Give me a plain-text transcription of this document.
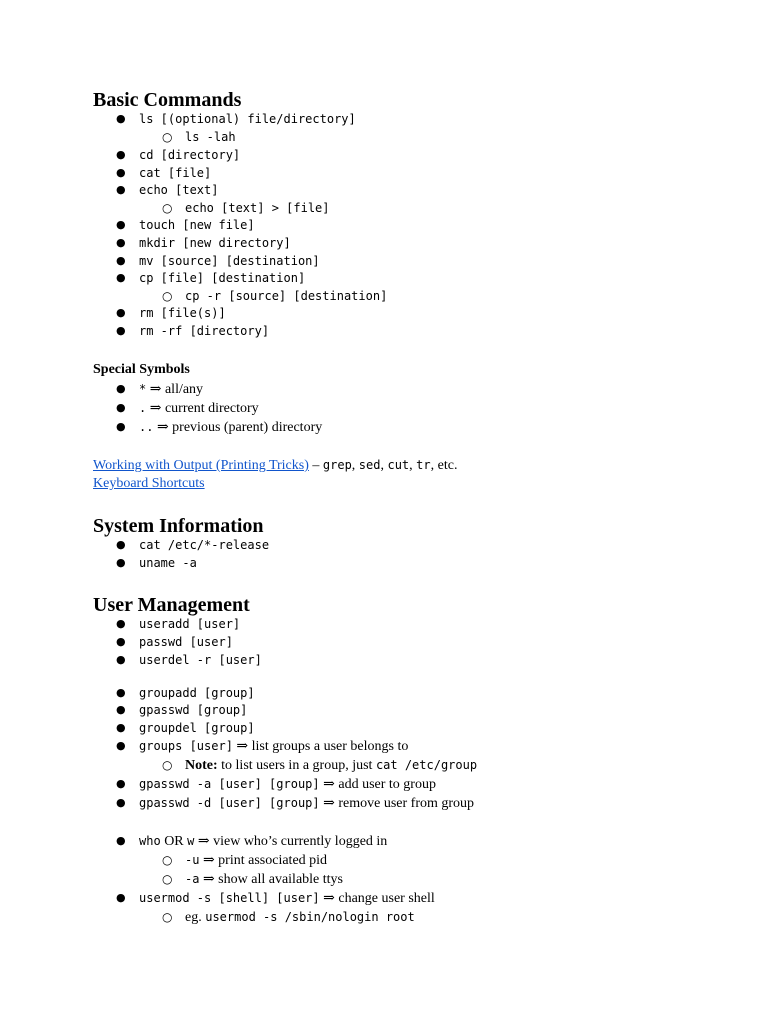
Basic Commands
● ls [(optional) file/directory]
○ ls -lah
● cd [directory]
● cat [file]
● echo [text]
○ echo [text] > [file]
● touch [new file]
● mkdir [new directory]
● mv [source] [destination]
● cp [file] [destination]
○ cp -r [source] [destination]
● rm [file(s)]
● rm -rf [directory]
Special Symbols
● * ⇒ all/any
● . ⇒ current directory
● .. ⇒ previous (parent) directory
Working with Output (Printing Tricks) – grep, sed, cut, tr, etc.
Keyboard Shortcuts
System Information
● cat /etc/*-release
● uname -a
User Management
● useradd [user]
● passwd [user]
● userdel -r [user]
● groupadd [group]
● gpasswd [group]
● groupdel [group]
● groups [user] ⇒ list groups a user belongs to
○ Note: to list users in a group, just cat /etc/group
● gpasswd -a [user] [group] ⇒ add user to group
● gpasswd -d [user] [group] ⇒ remove user from group
● who OR w ⇒ view who’s currently logged in
○ -u ⇒ print associated pid
○ -a ⇒ show all available ttys
● usermod -s [shell] [user] ⇒ change user shell
○ eg. usermod -s /sbin/nologin root
